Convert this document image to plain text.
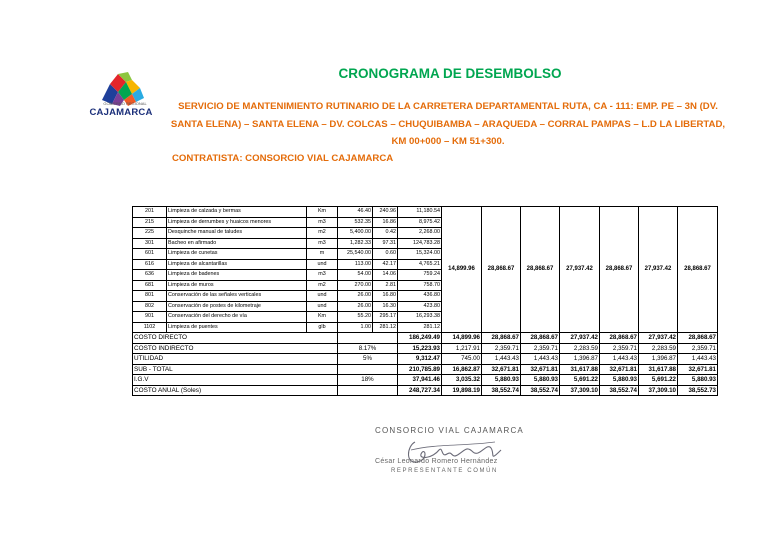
GOBIERNO REGIONAL
CAJAMARCA
CRONOGRAMA DE DESEMBOLSO
SERVICIO DE MANTENIMIENTO RUTINARIO DE LA CARRETERA DEPARTAMENTAL RUTA, CA - 111: EMP. PE – 3N (DV. SANTA ELENA) – SANTA ELENA – DV. COLCAS – CHUQUIBAMBA – ARAQUEDA – CORRAL PAMPAS – L.D LA LIBERTAD, KM 00+000 – KM 51+300.
CONTRATISTA: CONSORCIO VIAL CAJAMARCA
201	Limpieza de calzada y bermas	Km	46.40	240.96	11,180.54	14,899.96	28,868.67	28,868.67	27,937.42	28,868.67	27,937.42	28,868.67
215	Limpieza de derrumbes y huaicos menores	m3	532.35	16.86	8,975.42							
225	Desquinche manual de taludes	m2	5,400.00	0.42	2,268.00							
301	Bacheo en afirmado	m3	1,282.33	97.31	124,783.28							
601	Limpieza de cunetas	m	25,540.00	0.60	15,324.00							
616	Limpieza de alcantarillas	und	113.00	42.17	4,765.21							
636	Limpieza de badenes	m3	54.00	14.06	759.24							
681	Limpieza de muros	m2	270.00	2.81	758.70							
801	Conservación de las señales verticales	und	26.00	16.80	436.80							
802	Conservación de postes de kilometraje	und	26.00	16.30	423.80							
901	Conservación del derecho de vía	Km	55.20	295.17	16,293.38							
1102	Limpieza de puentes	glb	1.00	281.12	281.12							
COSTO DIRECTO					186,249.49	14,899.96	28,868.67	28,868.67	27,937.42	28,868.67	27,937.42	28,868.67
COSTO INDIRECTO			8.17%		15,223.93	1,217.91	2,359.71	2,359.71	2,283.59	2,359.71	2,283.59	2,359.71
UTILIDAD			5%		9,312.47	745.00	1,443.43	1,443.43	1,396.87	1,443.43	1,396.87	1,443.43
SUB - TOTAL					210,785.89	16,862.87	32,671.81	32,671.81	31,617.88	32,671.81	31,617.88	32,671.81
I.G.V			18%		37,941.46	3,035.32	5,880.93	5,880.93	5,691.22	5,880.93	5,691.22	5,880.93
COSTO ANUAL (Soles)					248,727.34	19,898.19	38,552.74	38,552.74	37,309.10	38,552.74	37,309.10	38,552.73
CONSORCIO VIAL CAJAMARCA
César Leonardo Romero Hernández
REPRESENTANTE COMÚN
